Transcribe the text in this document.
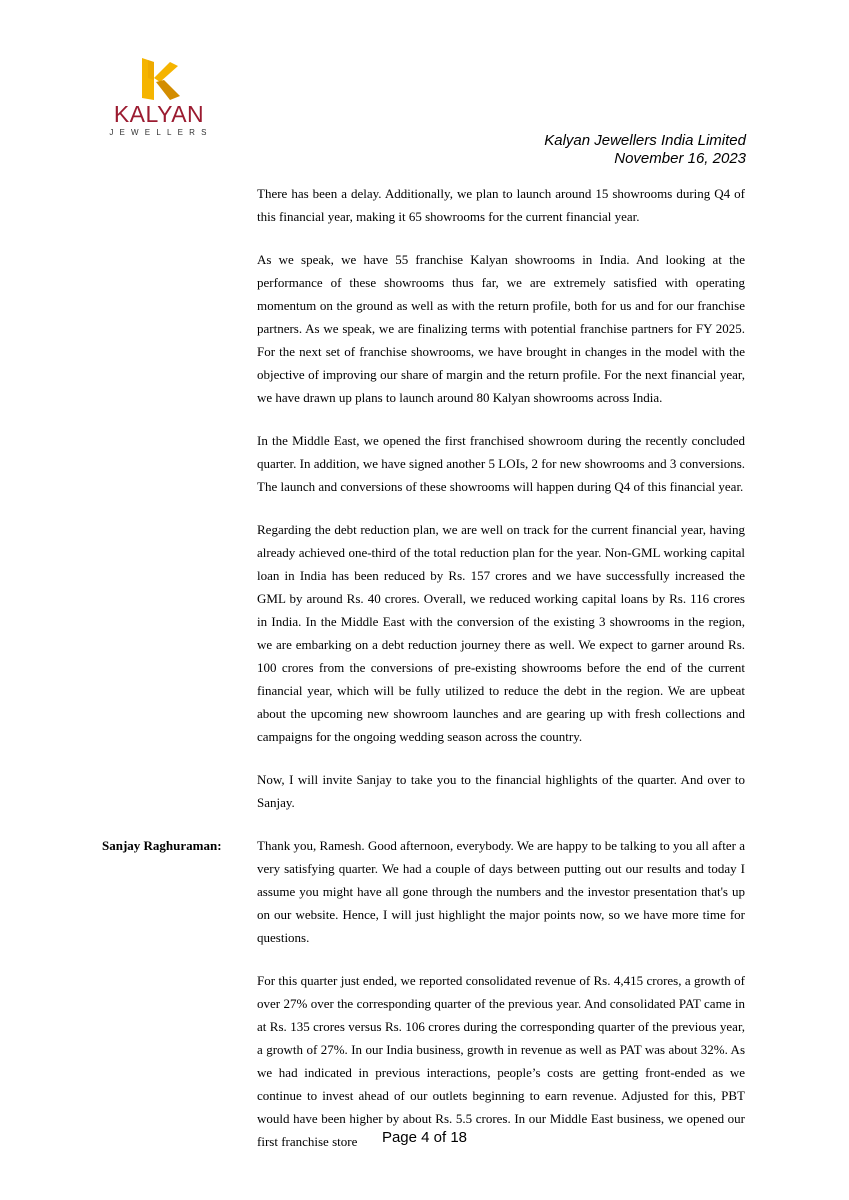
KALYAN
JEWELLERS	Kalyan Jewellers India Limited
November 16, 2023

There has been a delay. Additionally, we plan to launch around 15 showrooms during Q4 of this financial year, making it 65 showrooms for the current financial year.

As we speak, we have 55 franchise Kalyan showrooms in India. And looking at the performance of these showrooms thus far, we are extremely satisfied with operating momentum on the ground as well as with the return profile, both for us and for our franchise partners. As we speak, we are finalizing terms with potential franchise partners for FY 2025. For the next set of franchise showrooms, we have brought in changes in the model with the objective of improving our share of margin and the return profile. For the next financial year, we have drawn up plans to launch around 80 Kalyan showrooms across India.

In the Middle East, we opened the first franchised showroom during the recently concluded quarter. In addition, we have signed another 5 LOIs, 2 for new showrooms and 3 conversions. The launch and conversions of these showrooms will happen during Q4 of this financial year.

Regarding the debt reduction plan, we are well on track for the current financial year, having already achieved one-third of the total reduction plan for the year. Non-GML working capital loan in India has been reduced by Rs. 157 crores and we have successfully increased the GML by around Rs. 40 crores. Overall, we reduced working capital loans by Rs. 116 crores in India. In the Middle East with the conversion of the existing 3 showrooms in the region, we are embarking on a debt reduction journey there as well. We expect to garner around Rs. 100 crores from the conversions of pre-existing showrooms before the end of the current financial year, which will be fully utilized to reduce the debt in the region. We are upbeat about the upcoming new showroom launches and are gearing up with fresh collections and campaigns for the ongoing wedding season across the country.

Now, I will invite Sanjay to take you to the financial highlights of the quarter. And over to Sanjay.

Sanjay Raghuraman:	Thank you, Ramesh. Good afternoon, everybody. We are happy to be talking to you all after a very satisfying quarter. We had a couple of days between putting out our results and today I assume you might have all gone through the numbers and the investor presentation that's up on our website. Hence, I will just highlight the major points now, so we have more time for questions.

For this quarter just ended, we reported consolidated revenue of Rs. 4,415 crores, a growth of over 27% over the corresponding quarter of the previous year. And consolidated PAT came in at Rs. 135 crores versus Rs. 106 crores during the corresponding quarter of the previous year, a growth of 27%. In our India business, growth in revenue as well as PAT was about 32%. As we had indicated in previous interactions, people’s costs are getting front-ended as we continue to invest ahead of our outlets beginning to earn revenue. Adjusted for this, PBT would have been higher by about Rs. 5.5 crores. In our Middle East business, we opened our first franchise store	Page 4 of 18
